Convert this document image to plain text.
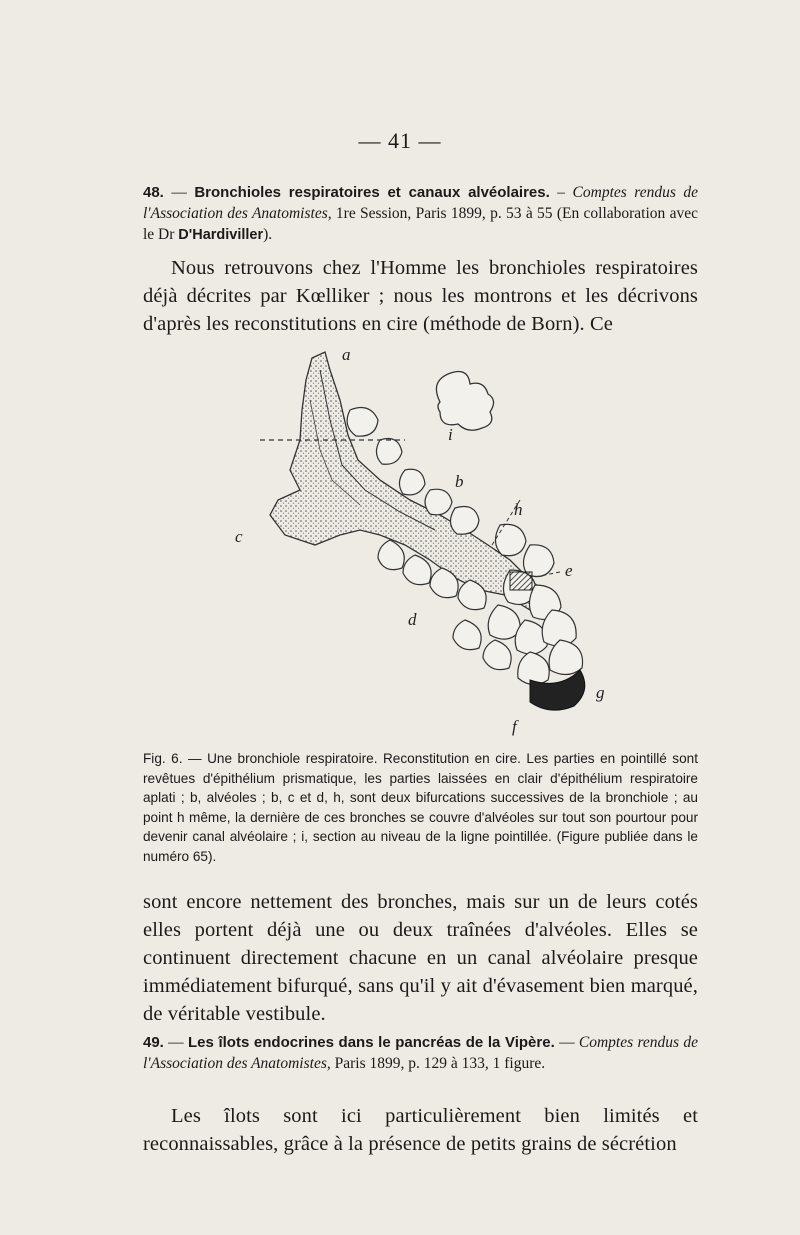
— 41 —
48. — Bronchioles respiratoires et canaux alvéolaires. – Comptes rendus de l'Association des Anatomistes, 1re Session, Paris 1899, p. 53 à 55 (En collaboration avec le Dr D'Hardiviller).
Nous retrouvons chez l'Homme les bronchioles respiratoires déjà décrites par Kœlliker ; nous les montrons et les décrivons d'après les reconstitutions en cire (méthode de Born). Ce
a
b
c
d
e
f
g
h
i
Fig. 6. — Une bronchiole respiratoire. Reconstitution en cire. Les parties en pointillé sont revêtues d'épithélium prismatique, les parties laissées en clair d'épithélium respiratoire aplati ; b, alvéoles ; b, c et d, h, sont deux bifurcations successives de la bronchiole ; au point h même, la dernière de ces bronches se couvre d'alvéoles sur tout son pourtour pour devenir canal alvéolaire ; i, section au niveau de la ligne pointillée. (Figure publiée dans le numéro 65).
sont encore nettement des bronches, mais sur un de leurs cotés elles portent déjà une ou deux traînées d'alvéoles. Elles se continuent directement chacune en un canal alvéolaire presque immédiatement bifurqué, sans qu'il y ait d'évasement bien marqué, de véritable vestibule.
49. — Les îlots endocrines dans le pancréas de la Vipère. — Comptes rendus de l'Association des Anatomistes, Paris 1899, p. 129 à 133, 1 figure.
Les îlots sont ici particulièrement bien limités et reconnaissables, grâce à la présence de petits grains de sécrétion
